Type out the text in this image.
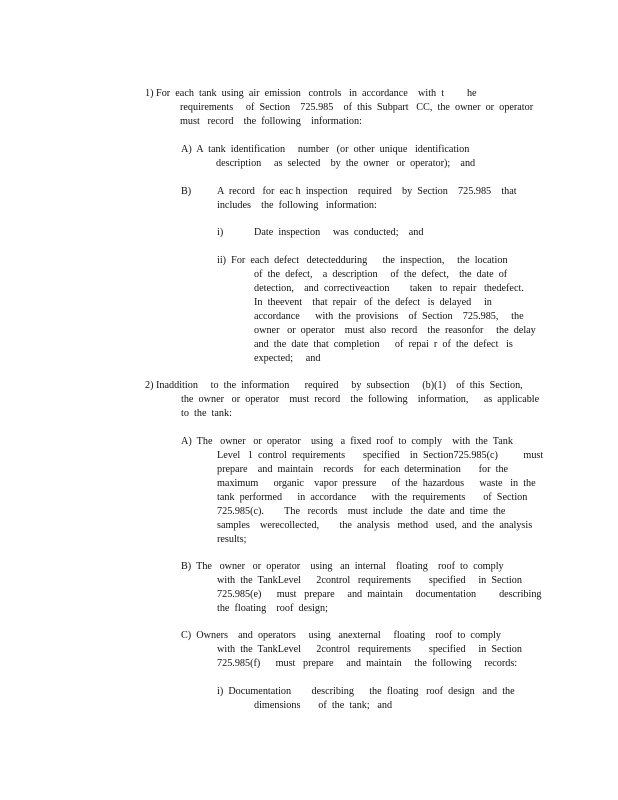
1) For  each  tank  using  air  emission   controls   in  accordance    with  t         he
requirements     of  Section    725.985    of  this  Subpart   CC,  the  owner  or  operator
must   record    the  following    information:
A)  A  tank  identification     number   (or  other  unique   identification
description     as  selected    by  the  owner   or  operator);    and
B)	A  record   for  eac h  inspection    required    by  Section    725.985    that
includes    the  following   information:
i)	Date  inspection     was  conducted;    and
ii)  For  each  defect   detectedduring      the  inspection,     the  location
of  the  defect,    a  description     of  the  defect,    the  date  of
detection,    and  correctiveaction        taken   to  repair   thedefect.
In  theevent    that  repair   of  the  defect   is  delayed     in
accordance      with  the  provisions    of  Section    725.985,     the
owner   or  operator    must  also  record    the  reasonfor     the  delay
and  the  date  that  completion      of  repai  r  of  the  defect   is
expected;     and
2) Inaddition     to  the  information      required     by  subsection     (b)(1)    of  this  Section,
the  owner   or  operator    must  record    the  following    information,      as  applicable
to  the  tank:
A)  The   owner   or  operator    using   a  fixed  roof  to  comply    with  the  Tank
Level   1  control  requirements       specified    in  Section725.985(c)          must
prepare    and  maintain    records    for  each  determination       for  the
maximum      organic    vapor  pressure      of  the  hazardous      waste   in  the
tank  performed      in  accordance      with  the  requirements       of  Section
725.985(c).        The   records    must  include   the  date  and  time  the
samples    werecollected,        the  analysis   method   used,  and  the  analysis
results;
B)  The   owner   or  operator    using   an  internal    floating    roof  to  comply
with  the  TankLevel      2control   requirements       specified     in  Section
725.985(e)      must   prepare     and  maintain     documentation         describing
the  floating    roof  design;
C)  Owners    and  operators     using   anexternal     floating    roof  to  comply
with  the  TankLevel      2control   requirements       specified     in  Section
725.985(f)      must   prepare     and  maintain     the  following     records:
i)  Documentation        describing      the  floating   roof  design   and  the
dimensions       of  the  tank;   and
